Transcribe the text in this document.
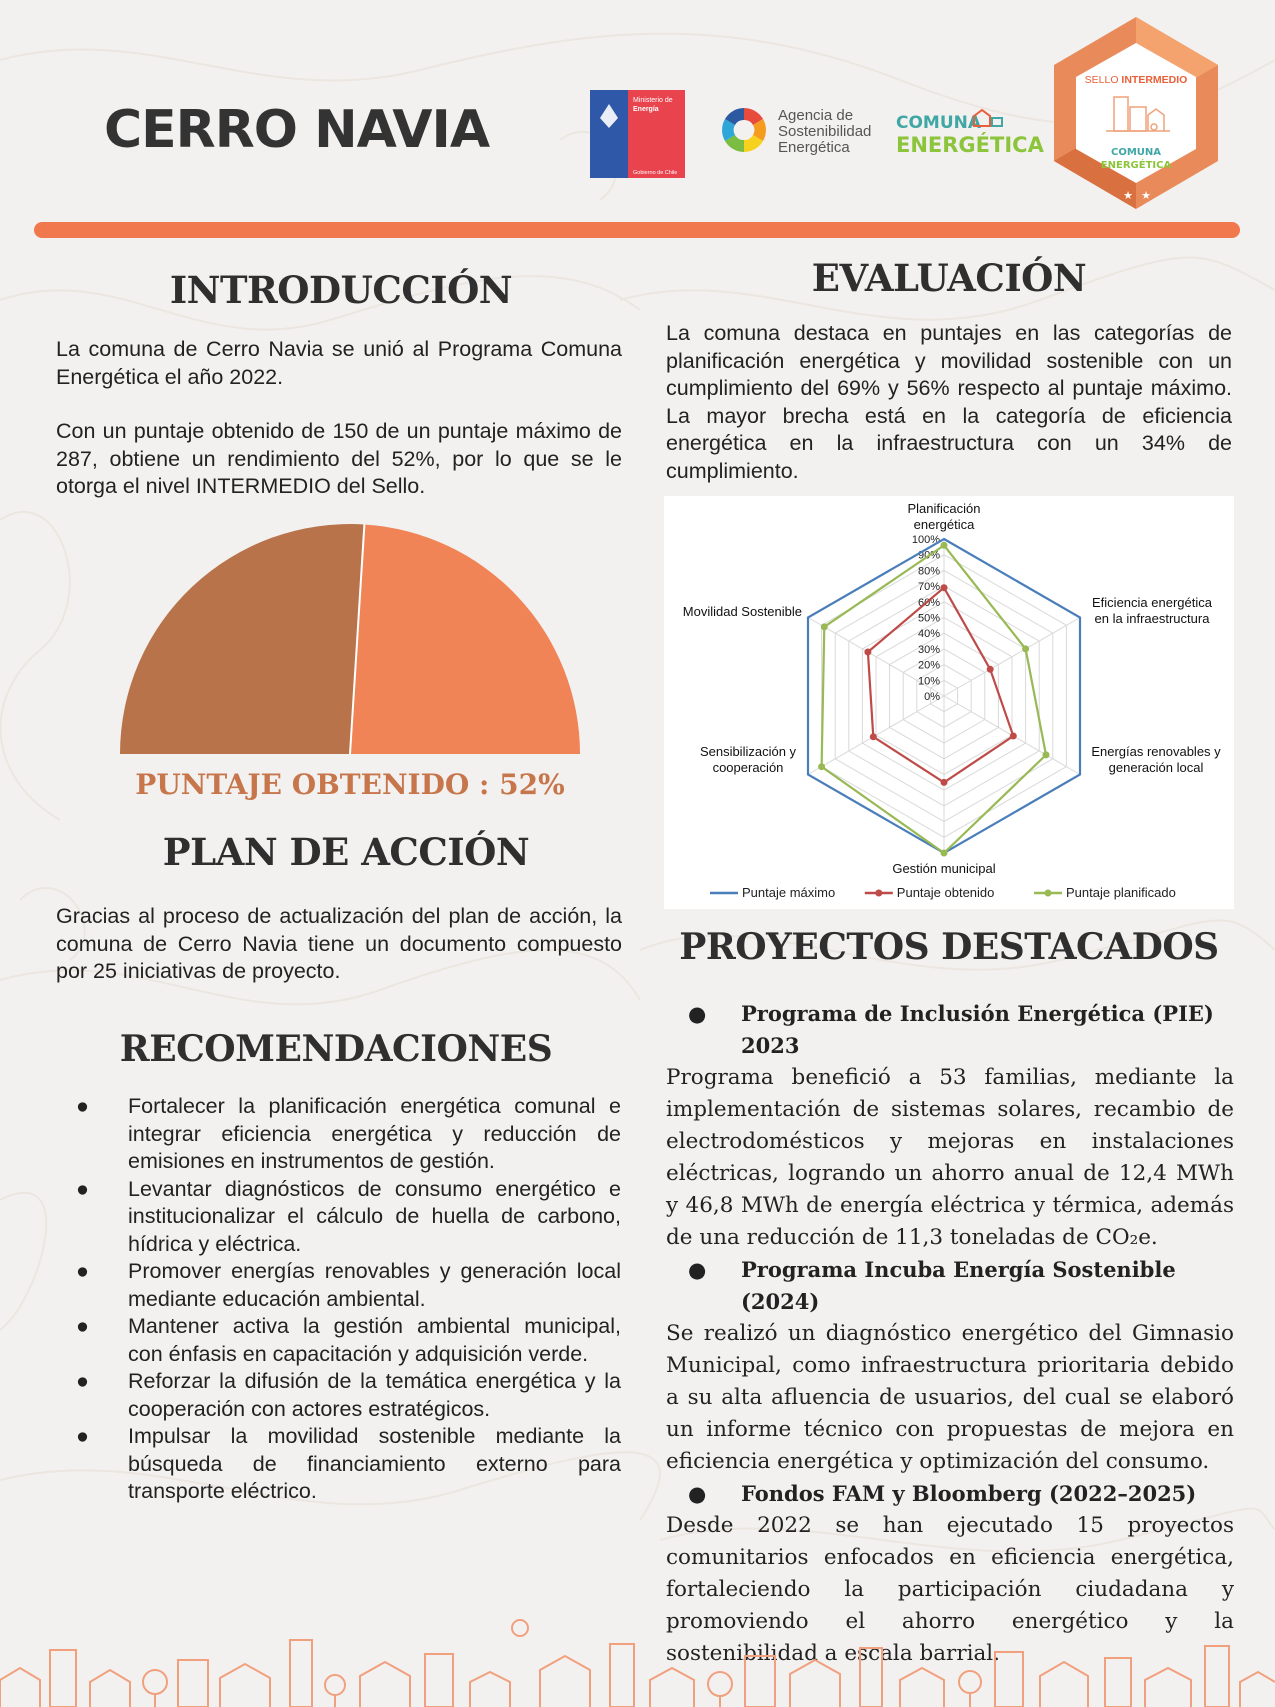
CERRO NAVIA	Ministerio de
Energía
Gobierno de Chile
Agencia de
Sostenibilidad
Energética
COMUNA
ENERGÉTICA
SELLO INTERMEDIO
COMUNA
ENERGÉTICA
★ ★
INTRODUCCIÓN

La comuna de Cerro Navia se unió al Programa Comuna Energética el año 2022.

Con un puntaje obtenido de 150 de un puntaje máximo de 287, obtiene un rendimiento del 52%, por lo que se le otorga el nivel INTERMEDIO del Sello.

PUNTAJE OBTENIDO : 52%
PLAN DE ACCIÓN
Gracias al proceso de actualización del plan de acción, la comuna de Cerro Navia tiene un documento compuesto por 25 iniciativas de proyecto.
RECOMENDACIONES
● Fortalecer la planificación energética comunal e integrar eficiencia energética y reducción de emisiones en instrumentos de gestión.
● Levantar diagnósticos de consumo energético e institucionalizar el cálculo de huella de carbono, hídrica y eléctrica.
● Promover energías renovables y generación local mediante educación ambiental.
● Mantener activa la gestión ambiental municipal, con énfasis en capacitación y adquisición verde.
● Reforzar la difusión de la temática energética y la cooperación con actores estratégicos.
● Impulsar la movilidad sostenible mediante la búsqueda de financiamiento externo para transporte eléctrico.
EVALUACIÓN
La comuna destaca en puntajes en las categorías de planificación energética y movilidad sostenible con un cumplimiento del 69% y 56% respecto al puntaje máximo. La mayor brecha está en la categoría de eficiencia energética en la infraestructura con un 34% de cumplimiento.
0%
10%
20%
30%
40%
50%
60%
70%
80%
90%
100%
Planificación
energética
Eficiencia energética
en la infraestructura
Energías renovables y
generación local
Gestión municipal
Sensibilización y
cooperación
Movilidad Sostenible
Puntaje máximo	Puntaje obtenido	Puntaje planificado
PROYECTOS DESTACADOS
● Programa de Inclusión Energética (PIE) 2023

Programa benefició a 53 familias, mediante la implementación de sistemas solares, recambio de electrodomésticos y mejoras en instalaciones eléctricas, logrando un ahorro anual de 12,4 MWh y 46,8 MWh de energía eléctrica y térmica, además de una reducción de 11,3 toneladas de CO₂e.

● Programa Incuba Energía Sostenible (2024)

Se realizó un diagnóstico energético del Gimnasio Municipal, como infraestructura prioritaria debido a su alta afluencia de usuarios, del cual se elaboró un informe técnico con propuestas de mejora en eficiencia energética y optimización del consumo.

● Fondos FAM y Bloomberg (2022–2025)

Desde 2022 se han ejecutado 15 proyectos comunitarios enfocados en eficiencia energética, fortaleciendo la participación ciudadana y promoviendo el ahorro energético y la sostenibilidad a escala barrial.
